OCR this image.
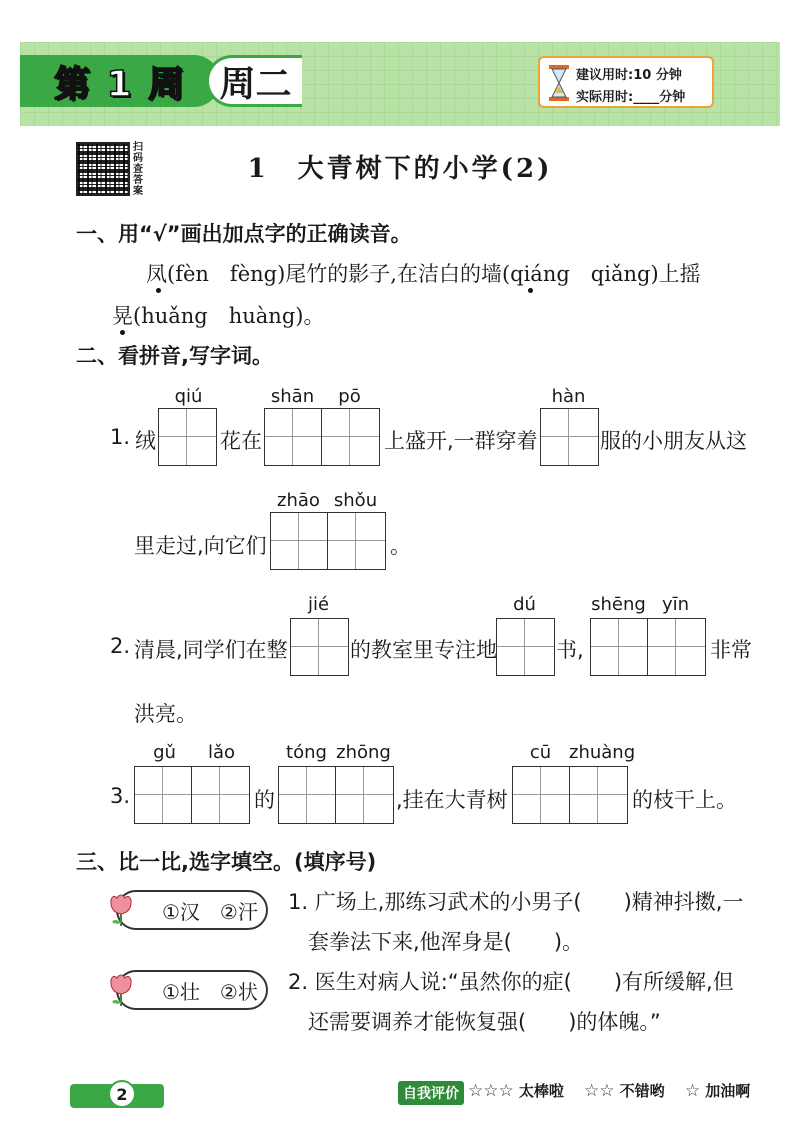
第 1 周 周二	建议用时:10 分钟
实际用时:____分钟
扫码查答案
1　大青树下的小学(2)
一、用“√”画出加点字的正确读音。
凤(fèn　fèng)尾竹的影子,在洁白的墙(qiáng　qiǎng)上摇
晃(huǎng　huàng)。
二、看拼音,写字词。
qiú	shān	pō	hàn
1. 绒	花在	上盛开,一群穿着	服的小朋友从这
zhāo shǒu
里走过,向它们	。
jié	dú	shēng yīn
2. 清晨,同学们在整	的教室里专注地	书,	非常
洪亮。
gǔ	lǎo	tóng zhōng	cū zhuàng
3.	的	,挂在大青树	的枝干上。
三、比一比,选字填空。(填序号)
①汉　②汗 1. 广场上,那练习武术的小男子(　　)精神抖擞,一
套拳法下来,他浑身是(　　)。
①壮　②状 2. 医生对病人说:“虽然你的症(　　)有所缓解,但
还需要调养才能恢复强(　　)的体魄。”
2	自我评价 ☆☆☆ 太棒啦 ☆☆ 不错哟 ☆ 加油啊
